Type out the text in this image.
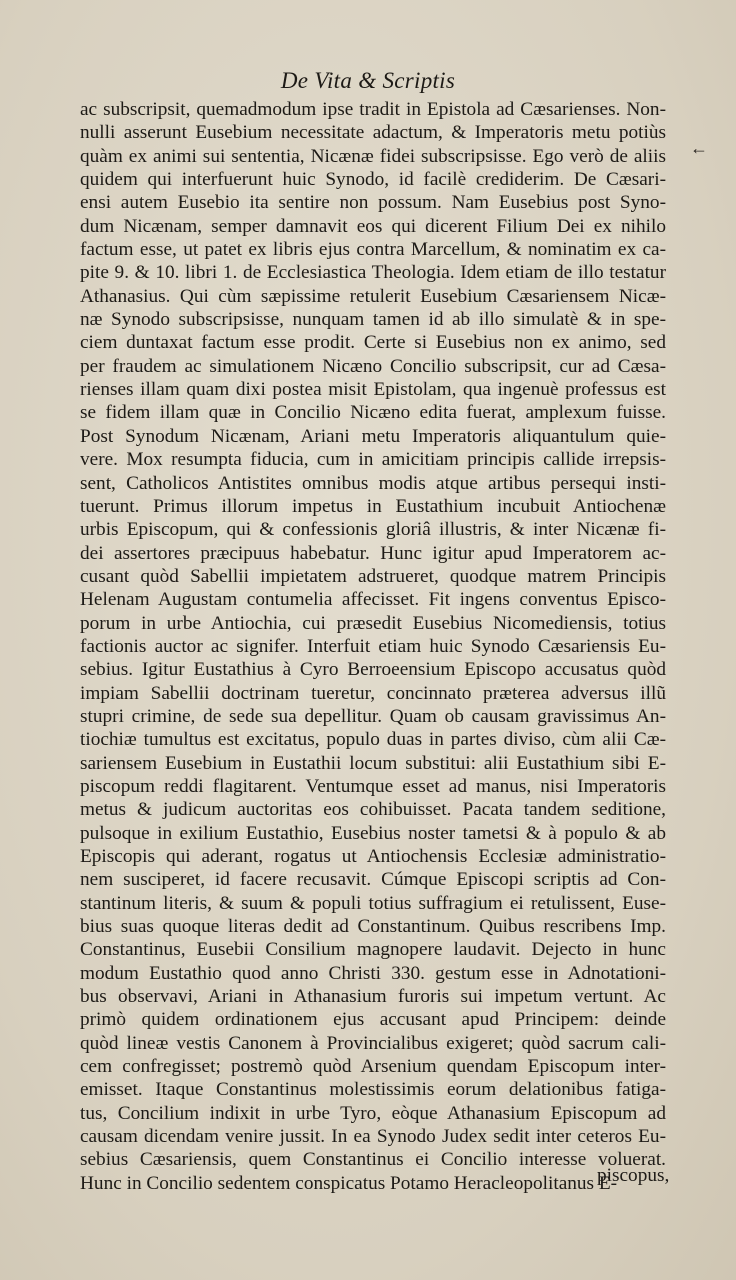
De Vita & Scriptis
←
ac subscripsit, quemadmodum ipse tradit in Epistola ad Cæsarienses. Non-
nulli asserunt Eusebium necessitate adactum, & Imperatoris metu potiùs
quàm ex animi sui sententia, Nicænæ fidei subscripsisse. Ego verò de aliis
quidem qui interfuerunt huic Synodo, id facilè crediderim. De Cæsari-
ensi autem Eusebio ita sentire non possum. Nam Eusebius post Syno-
dum Nicænam, semper damnavit eos qui dicerent Filium Dei ex nihilo
factum esse, ut patet ex libris ejus contra Marcellum, & nominatim ex ca-
pite 9. & 10. libri 1. de Ecclesiastica Theologia. Idem etiam de illo testatur
Athanasius. Qui cùm sæpissime retulerit Eusebium Cæsariensem Nicæ-
næ Synodo subscripsisse, nunquam tamen id ab illo simulatè & in spe-
ciem duntaxat factum esse prodit. Certe si Eusebius non ex animo, sed
per fraudem ac simulationem Nicæno Concilio subscripsit, cur ad Cæsa-
rienses illam quam dixi postea misit Epistolam, qua ingenuè professus est
se fidem illam quæ in Concilio Nicæno edita fuerat, amplexum fuisse.
Post Synodum Nicænam, Ariani metu Imperatoris aliquantulum quie-
vere. Mox resumpta fiducia, cum in amicitiam principis callide irrepsis-
sent, Catholicos Antistites omnibus modis atque artibus persequi insti-
tuerunt. Primus illorum impetus in Eustathium incubuit Antiochenæ
urbis Episcopum, qui & confessionis gloriâ illustris, & inter Nicænæ fi-
dei assertores præcipuus habebatur. Hunc igitur apud Imperatorem ac-
cusant quòd Sabellii impietatem adstrueret, quodque matrem Principis
Helenam Augustam contumelia affecisset. Fit ingens conventus Episco-
porum in urbe Antiochia, cui præsedit Eusebius Nicomediensis, totius
factionis auctor ac signifer. Interfuit etiam huic Synodo Cæsariensis Eu-
sebius. Igitur Eustathius à Cyro Berroeensium Episcopo accusatus quòd
impiam Sabellii doctrinam tueretur, concinnato præterea adversus illũ
stupri crimine, de sede sua depellitur. Quam ob causam gravissimus An-
tiochiæ tumultus est excitatus, populo duas in partes diviso, cùm alii Cæ-
sariensem Eusebium in Eustathii locum substitui: alii Eustathium sibi E-
piscopum reddi flagitarent. Ventumque esset ad manus, nisi Imperatoris
metus & judicum auctoritas eos cohibuisset. Pacata tandem seditione,
pulsoque in exilium Eustathio, Eusebius noster tametsi & à populo & ab
Episcopis qui aderant, rogatus ut Antiochensis Ecclesiæ administratio-
nem susciperet, id facere recusavit. Cúmque Episcopi scriptis ad Con-
stantinum literis, & suum & populi totius suffragium ei retulissent, Euse-
bius suas quoque literas dedit ad Constantinum. Quibus rescribens Imp.
Constantinus, Eusebii Consilium magnopere laudavit. Dejecto in hunc
modum Eustathio quod anno Christi 330. gestum esse in Adnotationi-
bus observavi, Ariani in Athanasium furoris sui impetum vertunt. Ac
primò quidem ordinationem ejus accusant apud Principem: deinde
quòd lineæ vestis Canonem à Provincialibus exigeret; quòd sacrum cali-
cem confregisset; postremò quòd Arsenium quendam Episcopum inter-
emisset. Itaque Constantinus molestissimis eorum delationibus fatiga-
tus, Concilium indixit in urbe Tyro, eòque Athanasium Episcopum ad
causam dicendam venire jussit. In ea Synodo Judex sedit inter ceteros Eu-
sebius Cæsariensis, quem Constantinus ei Concilio interesse voluerat.
Hunc in Concilio sedentem conspicatus Potamo Heracleopolitanus E-
piscopus,
